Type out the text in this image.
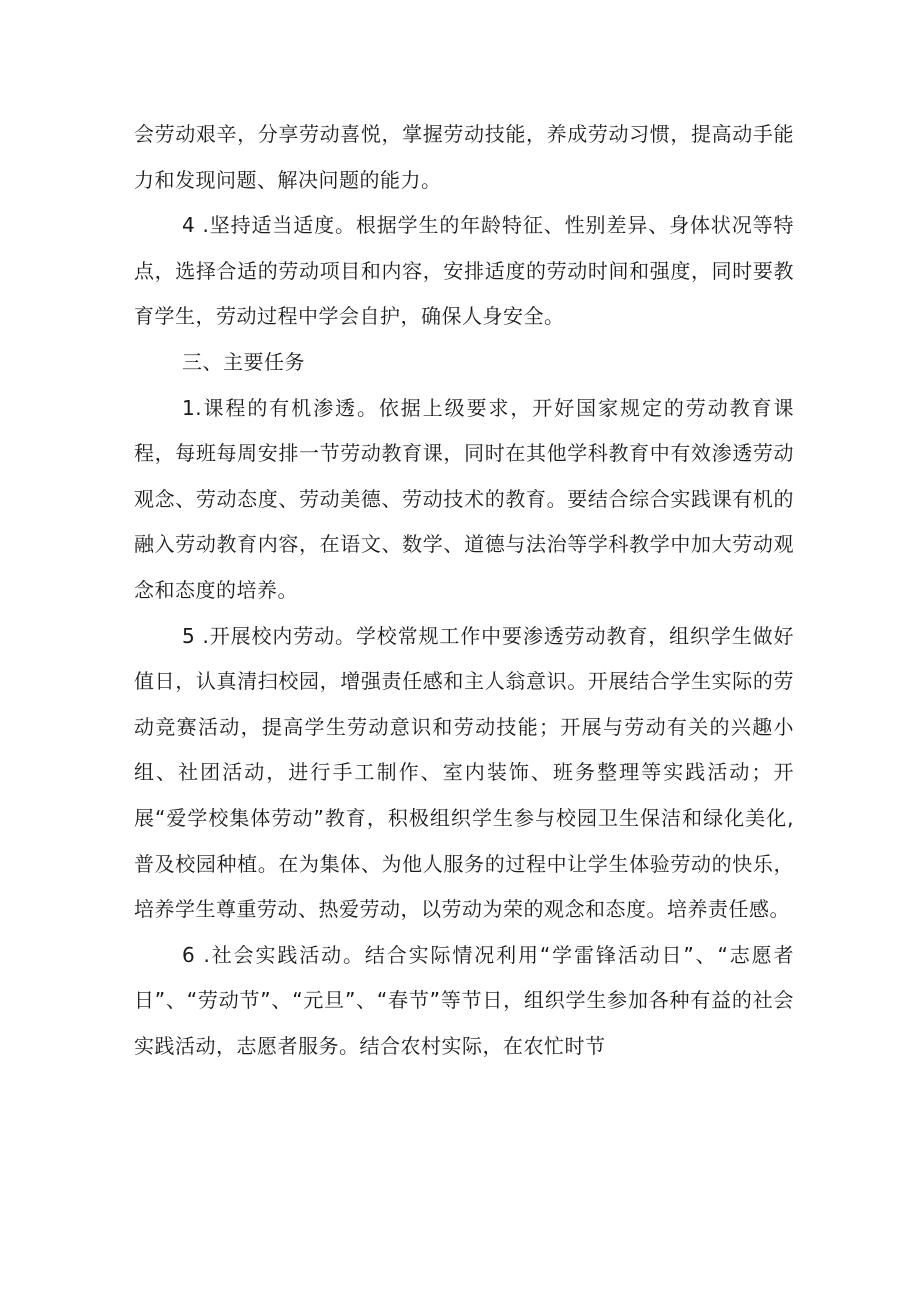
会劳动艰辛，分享劳动喜悦，掌握劳动技能，养成劳动习惯，提高动手能力和发现问题、解决问题的能力。

4 .坚持适当适度。根据学生的年龄特征、性别差异、身体状况等特点，选择合适的劳动项目和内容，安排适度的劳动时间和强度，同时要教育学生，劳动过程中学会自护，确保人身安全。

三、主要任务

1.课程的有机渗透。依据上级要求，开好国家规定的劳动教育课程，每班每周安排一节劳动教育课，同时在其他学科教育中有效渗透劳动观念、劳动态度、劳动美德、劳动技术的教育。要结合综合实践课有机的融入劳动教育内容，在语文、数学、道德与法治等学科教学中加大劳动观念和态度的培养。

5 .开展校内劳动。学校常规工作中要渗透劳动教育，组织学生做好值日，认真清扫校园，增强责任感和主人翁意识。开展结合学生实际的劳动竞赛活动，提高学生劳动意识和劳动技能；开展与劳动有关的兴趣小组、社团活动，进行手工制作、室内装饰、班务整理等实践活动；开展“爱学校集体劳动”教育，积极组织学生参与校园卫生保洁和绿化美化,普及校园种植。在为集体、为他人服务的过程中让学生体验劳动的快乐，培养学生尊重劳动、热爱劳动，以劳动为荣的观念和态度。培养责任感。

6 .社会实践活动。结合实际情况利用“学雷锋活动日”、“志愿者日”、“劳动节”、“元旦”、“春节”等节日，组织学生参加各种有益的社会实践活动，志愿者服务。结合农村实际，在农忙时节
